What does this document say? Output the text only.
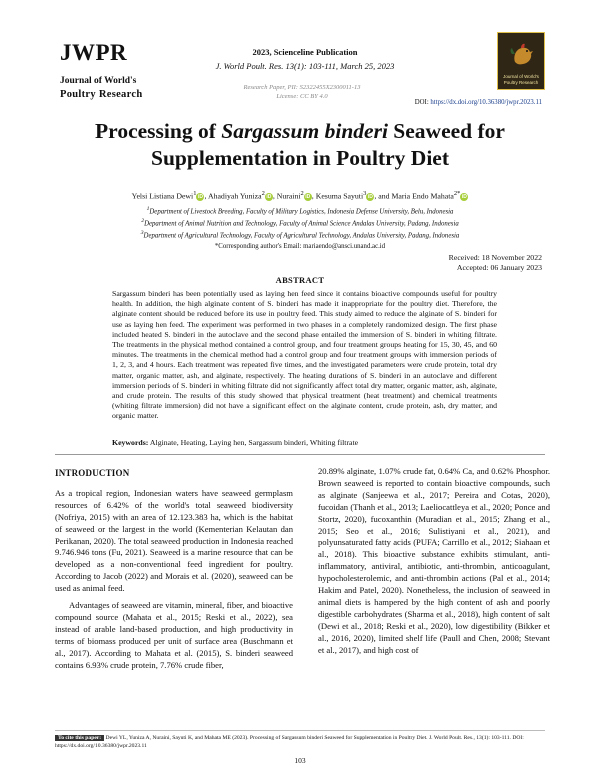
JWPR
Journal of World's
Poultry Research
2023, Scienceline Publication
J. World Poult. Res. 13(1): 103-111, March 25, 2023
Research Paper, PII: S2322455X2300011-13
License: CC BY 4.0
DOI: https://dx.doi.org/10.36380/jwpr.2023.11
Journal of World's
Poultry Research
Processing of Sargassum binderi Seaweed for Supplementation in Poultry Diet
Yelsi Listiana Dewi$^1$ iD , Ahadiyah Yuniza$^2$ iD , Nuraini$^2$ iD , Kesuma Sayuti$^3$ iD , and Maria Endo Mahata$^{2*}$ iD
$^1$Department of Livestock Breeding, Faculty of Military Logistics, Indonesia Defense University, Belu, Indonesia
$^2$Department of Animal Nutrition and Technology, Faculty of Animal Science Andalas University, Padang, Indonesia
$^3$Department of Agricultural Technology, Faculty of Agricultural Technology, Andalas University, Padang, Indonesia
*Corresponding author's Email: mariaendo@ansci.unand.ac.id
Received: 18 November 2022
Accepted: 06 January 2023
ABSTRACT

Sargassum binderi has been potentially used as laying hen feed since it contains bioactive compounds useful for poultry health. In addition, the high alginate content of S. binderi has made it inappropriate for the poultry diet. Therefore, the alginate content should be reduced before its use in poultry feed. This study aimed to reduce the alginate of S. binderi for use as laying hen feed. The experiment was performed in two phases in a completely randomized design. The first phase included heated S. binderi in the autoclave and the second phase entailed the immersion of S. binderi in whiting filtrate. The treatments in the physical method contained a control group, and four treatment groups heating for 15, 30, 45, and 60 minutes. The treatments in the chemical method had a control group and four treatment groups with immersion periods of 1, 2, 3, and 4 hours. Each treatment was repeated five times, and the investigated parameters were crude protein, total dry matter, organic matter, ash, and alginate, respectively. The heating durations of S. binderi in an autoclave and different immersion periods of S. binderi in whiting filtrate did not significantly affect total dry matter, organic matter, ash, alginate, and crude protein. The results of this study showed that physical treatment (heat treatment) and chemical treatments (whiting filtrate immersion) did not have a significant effect on the alginate content, crude protein, ash, dry matter, and organic matter.

Keywords: Alginate, Heating, Laying hen, Sargassum binderi, Whiting filtrate
INTRODUCTION

As a tropical region, Indonesian waters have seaweed germplasm resources of 6.42% of the world's total seaweed biodiversity (Nofriya, 2015) with an area of 12.123.383 ha, which is the habitat of seaweed or the largest in the world (Kementerian Kelautan dan Perikanan, 2020). The total seaweed production in Indonesia reached 9.746.946 tons (Fu, 2021). Seaweed is a marine resource that can be developed as a non-conventional feed ingredient for poultry. According to Jacob (2022) and Morais et al. (2020), seaweed can be used as animal feed.

Advantages of seaweed are vitamin, mineral, fiber, and bioactive compound source (Mahata et al., 2015; Reski et al., 2022), sea instead of arable land-based production, and high productivity in terms of biomass produced per unit of surface area (Buschmann et al., 2017). According to Mahata et al. (2015), S. binderi seaweed contains 6.93% crude protein, 7.76% crude fiber,

20.89% alginate, 1.07% crude fat, 0.64% Ca, and 0.62% Phosphor. Brown seaweed is reported to contain bioactive compounds, such as alginate (Sanjeewa et al., 2017; Pereira and Cotas, 2020), fucoidan (Thanh et al., 2013; Laeliocattleya et al., 2020; Ponce and Stortz, 2020), fucoxanthin (Muradian et al., 2015; Zhang et al., 2015; Seo et al., 2016; Sulistiyani et al., 2021), and polyunsaturated fatty acids (PUFA; Carrillo et al., 2012; Siahaan et al., 2018). This bioactive substance exhibits stimulant, anti-inflammatory, antiviral, antibiotic, anti-thrombin, anticoagulant, hypocholesterolemic, and anti-thrombin actions (Pal et al., 2014; Hakim and Patel, 2020). Nonetheless, the inclusion of seaweed in animal diets is hampered by the high content of ash and poorly digestible carbohydrates (Sharma et al., 2018), high content of salt (Dewi et al., 2018; Reski et al., 2020), low digestibility (Bikker et al., 2016, 2020), limited shelf life (Paull and Chen, 2008; Stevant et al., 2017), and high cost of

To cite this paper: Dewi YL, Yuniza A, Nuraini, Sayuti K, and Mahata ME (2023). Processing of Sargassum binderi Seaweed for Supplementation in Poultry Diet. J. World Poult. Res., 13(1): 103-111. DOI: https://dx.doi.org/10.36380/jwpr.2023.11
103
